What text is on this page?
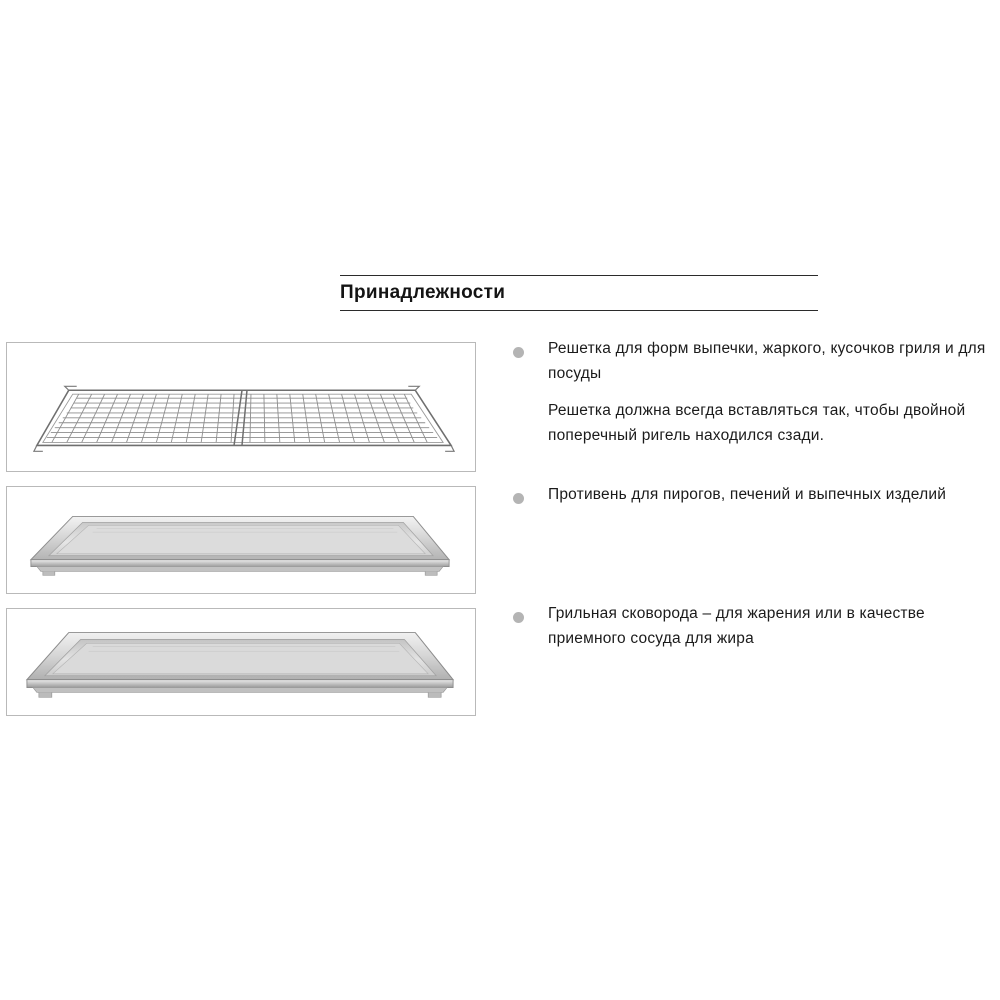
Принадлежности
Решетка для форм выпечки, жаркого, кусочков гриля и для посуды
Решетка должна всегда вставляться так, чтобы двойной поперечный ригель находился сзади.
Противень для пирогов, печений и выпечных изделий
Грильная сковорода – для жарения или в качестве приемного сосуда для жира
